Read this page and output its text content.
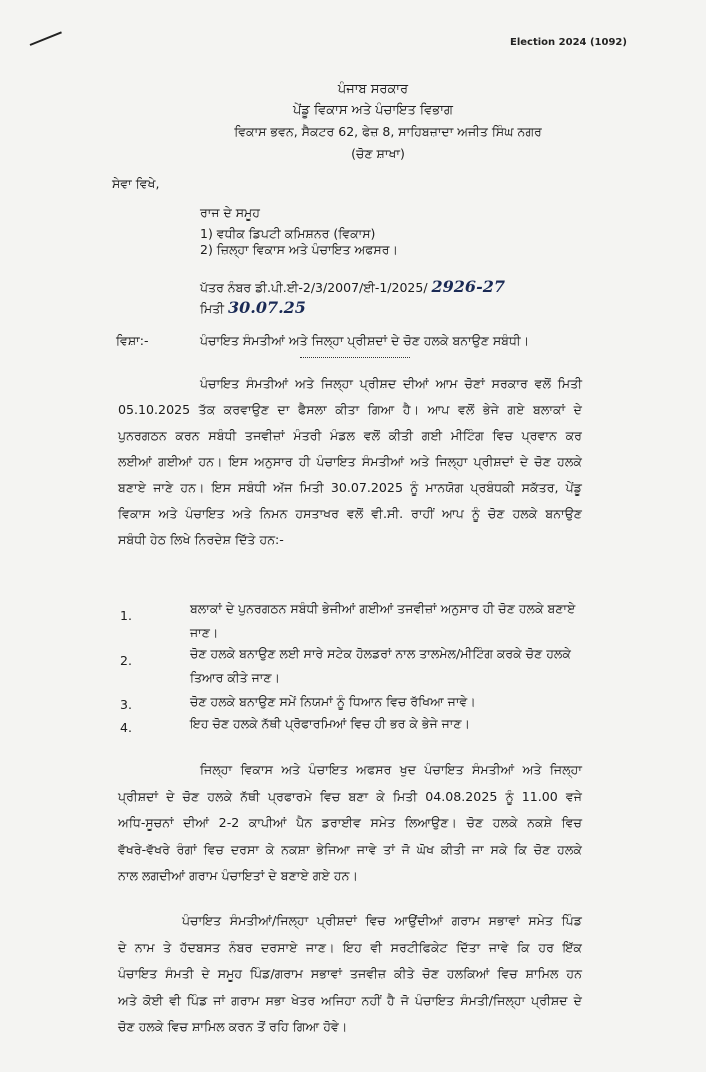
Election 2024 (1092)
ਪੰਜਾਬ ਸਰਕਾਰ
ਪੇਂਡੂ ਵਿਕਾਸ ਅਤੇ ਪੰਚਾਇਤ ਵਿਭਾਗ
ਵਿਕਾਸ ਭਵਨ, ਸੈਕਟਰ 62, ਫੇਜ਼ 8, ਸਾਹਿਬਜ਼ਾਦਾ ਅਜੀਤ ਸਿੰਘ ਨਗਰ
(ਚੋਣ ਸ਼ਾਖਾ)
ਸੇਵਾ ਵਿਖੇ,
ਰਾਜ ਦੇ ਸਮੂਹ
1) ਵਧੀਕ ਡਿਪਟੀ ਕਮਿਸ਼ਨਰ (ਵਿਕਾਸ)
2) ਜ਼ਿਲ੍ਹਾ ਵਿਕਾਸ ਅਤੇ ਪੰਚਾਇਤ ਅਫਸਰ।
ਪੱਤਰ ਨੰਬਰ ਡੀ.ਪੀ.ਈ-2/3/2007/ਈ-1/2025/ 2926-27
ਮਿਤੀ 30.07.25
ਵਿਸ਼ਾ:-	ਪੰਚਾਇਤ ਸੰਮਤੀਆਂ ਅਤੇ ਜਿਲ੍ਹਾ ਪ੍ਰੀਸ਼ਦਾਂ ਦੇ ਚੋਣ ਹਲਕੇ ਬਨਾਉਣ ਸਬੰਧੀ।
ਪੰਚਾਇਤ ਸੰਮਤੀਆਂ ਅਤੇ ਜਿਲ੍ਹਾ ਪ੍ਰੀਸ਼ਦ ਦੀਆਂ ਆਮ ਚੋਣਾਂ ਸਰਕਾਰ ਵਲੋਂ ਮਿਤੀ
05.10.2025 ਤੱਕ ਕਰਵਾਉਣ ਦਾ ਫੈਸਲਾ ਕੀਤਾ ਗਿਆ ਹੈ। ਆਪ ਵਲੋਂ ਭੇਜੇ ਗਏ ਬਲਾਕਾਂ ਦੇ
ਪੁਨਰਗਠਨ ਕਰਨ ਸਬੰਧੀ ਤਜਵੀਜ਼ਾਂ ਮੰਤਰੀ ਮੰਡਲ ਵਲੋਂ ਕੀਤੀ ਗਈ ਮੀਟਿੰਗ ਵਿਚ ਪ੍ਰਵਾਨ ਕਰ
ਲਈਆਂ ਗਈਆਂ ਹਨ। ਇਸ ਅਨੁਸਾਰ ਹੀ ਪੰਚਾਇਤ ਸੰਮਤੀਆਂ ਅਤੇ ਜਿਲ੍ਹਾ ਪ੍ਰੀਸ਼ਦਾਂ ਦੇ ਚੋਣ ਹਲਕੇ
ਬਣਾਏ ਜਾਣੇ ਹਨ। ਇਸ ਸਬੰਧੀ ਅੱਜ ਮਿਤੀ 30.07.2025 ਨੂੰ ਮਾਨਯੋਗ ਪ੍ਰਬੰਧਕੀ ਸਕੱਤਰ, ਪੇਂਡੂ
ਵਿਕਾਸ ਅਤੇ ਪੰਚਾਇਤ ਅਤੇ ਨਿਮਨ ਹਸਤਾਖਰ ਵਲੋਂ ਵੀ.ਸੀ. ਰਾਹੀਂ ਆਪ ਨੂੰ ਚੋਣ ਹਲਕੇ ਬਨਾਉਣ
ਸਬੰਧੀ ਹੇਠ ਲਿਖੇ ਨਿਰਦੇਸ਼ ਦਿੱਤੇ ਹਨ:-
1.	ਬਲਾਕਾਂ ਦੇ ਪੁਨਰਗਠਨ ਸਬੰਧੀ ਭੇਜੀਆਂ ਗਈਆਂ ਤਜਵੀਜ਼ਾਂ ਅਨੁਸਾਰ ਹੀ ਚੋਣ ਹਲਕੇ ਬਣਾਏ
ਜਾਣ।
2.	ਚੋਣ ਹਲਕੇ ਬਨਾਉਣ ਲਈ ਸਾਰੇ ਸਟੇਕ ਹੋਲਡਰਾਂ ਨਾਲ ਤਾਲਮੇਲ/ਮੀਟਿੰਗ ਕਰਕੇ ਚੋਣ ਹਲਕੇ
ਤਿਆਰ ਕੀਤੇ ਜਾਣ।
3.	ਚੋਣ ਹਲਕੇ ਬਨਾਉਣ ਸਮੇਂ ਨਿਯਮਾਂ ਨੂੰ ਧਿਆਨ ਵਿਚ ਰੱਖਿਆ ਜਾਵੇ।
4.	ਇਹ ਚੋਣ ਹਲਕੇ ਨੱਥੀ ਪ੍ਰੋਫਾਰਮਿਆਂ ਵਿਚ ਹੀ ਭਰ ਕੇ ਭੇਜੇ ਜਾਣ।
ਜਿਲ੍ਹਾ ਵਿਕਾਸ ਅਤੇ ਪੰਚਾਇਤ ਅਫਸਰ ਖੁਦ ਪੰਚਾਇਤ ਸੰਮਤੀਆਂ ਅਤੇ ਜਿਲ੍ਹਾ
ਪ੍ਰੀਸ਼ਦਾਂ ਦੇ ਚੋਣ ਹਲਕੇ ਨੱਥੀ ਪ੍ਰਫਾਰਮੇ ਵਿਚ ਬਣਾ ਕੇ ਮਿਤੀ 04.08.2025 ਨੂੰ 11.00 ਵਜੇ
ਅਧਿ-ਸੂਚਨਾਂ ਦੀਆਂ 2-2 ਕਾਪੀਆਂ ਪੈਨ ਡਰਾਈਵ ਸਮੇਤ ਲਿਆਉਣ। ਚੋਣ ਹਲਕੇ ਨਕਸ਼ੇ ਵਿਚ
ਵੱਖਰੇ-ਵੱਖਰੇ ਰੰਗਾਂ ਵਿਚ ਦਰਸਾ ਕੇ ਨਕਸ਼ਾ ਭੇਜਿਆ ਜਾਵੇ ਤਾਂ ਜੋ ਘੋਖ ਕੀਤੀ ਜਾ ਸਕੇ ਕਿ ਚੋਣ ਹਲਕੇ
ਨਾਲ ਲਗਦੀਆਂ ਗਰਾਮ ਪੰਚਾਇਤਾਂ ਦੇ ਬਣਾਏ ਗਏ ਹਨ।
ਪੰਚਾਇਤ ਸੰਮਤੀਆਂ/ਜਿਲ੍ਹਾ ਪ੍ਰੀਸ਼ਦਾਂ ਵਿਚ ਆਉਂਦੀਆਂ ਗਰਾਮ ਸਭਾਵਾਂ ਸਮੇਤ ਪਿੰਡ
ਦੇ ਨਾਮ ਤੇ ਹੱਦਬਸਤ ਨੰਬਰ ਦਰਸਾਏ ਜਾਣ। ਇਹ ਵੀ ਸਰਟੀਫਿਕੇਟ ਦਿੱਤਾ ਜਾਵੇ ਕਿ ਹਰ ਇੱਕ
ਪੰਚਾਇਤ ਸੰਮਤੀ ਦੇ ਸਮੂਹ ਪਿੰਡ/ਗਰਾਮ ਸਭਾਵਾਂ ਤਜਵੀਜ਼ ਕੀਤੇ ਚੋਣ ਹਲਕਿਆਂ ਵਿਚ ਸ਼ਾਮਿਲ ਹਨ
ਅਤੇ ਕੋਈ ਵੀ ਪਿੰਡ ਜਾਂ ਗਰਾਮ ਸਭਾ ਖੇਤਰ ਅਜਿਹਾ ਨਹੀਂ ਹੈ ਜੋ ਪੰਚਾਇਤ ਸੰਮਤੀ/ਜਿਲ੍ਹਾ ਪ੍ਰੀਸ਼ਦ ਦੇ
ਚੋਣ ਹਲਕੇ ਵਿਚ ਸ਼ਾਮਿਲ ਕਰਨ ਤੋਂ ਰਹਿ ਗਿਆ ਹੋਵੇ।
